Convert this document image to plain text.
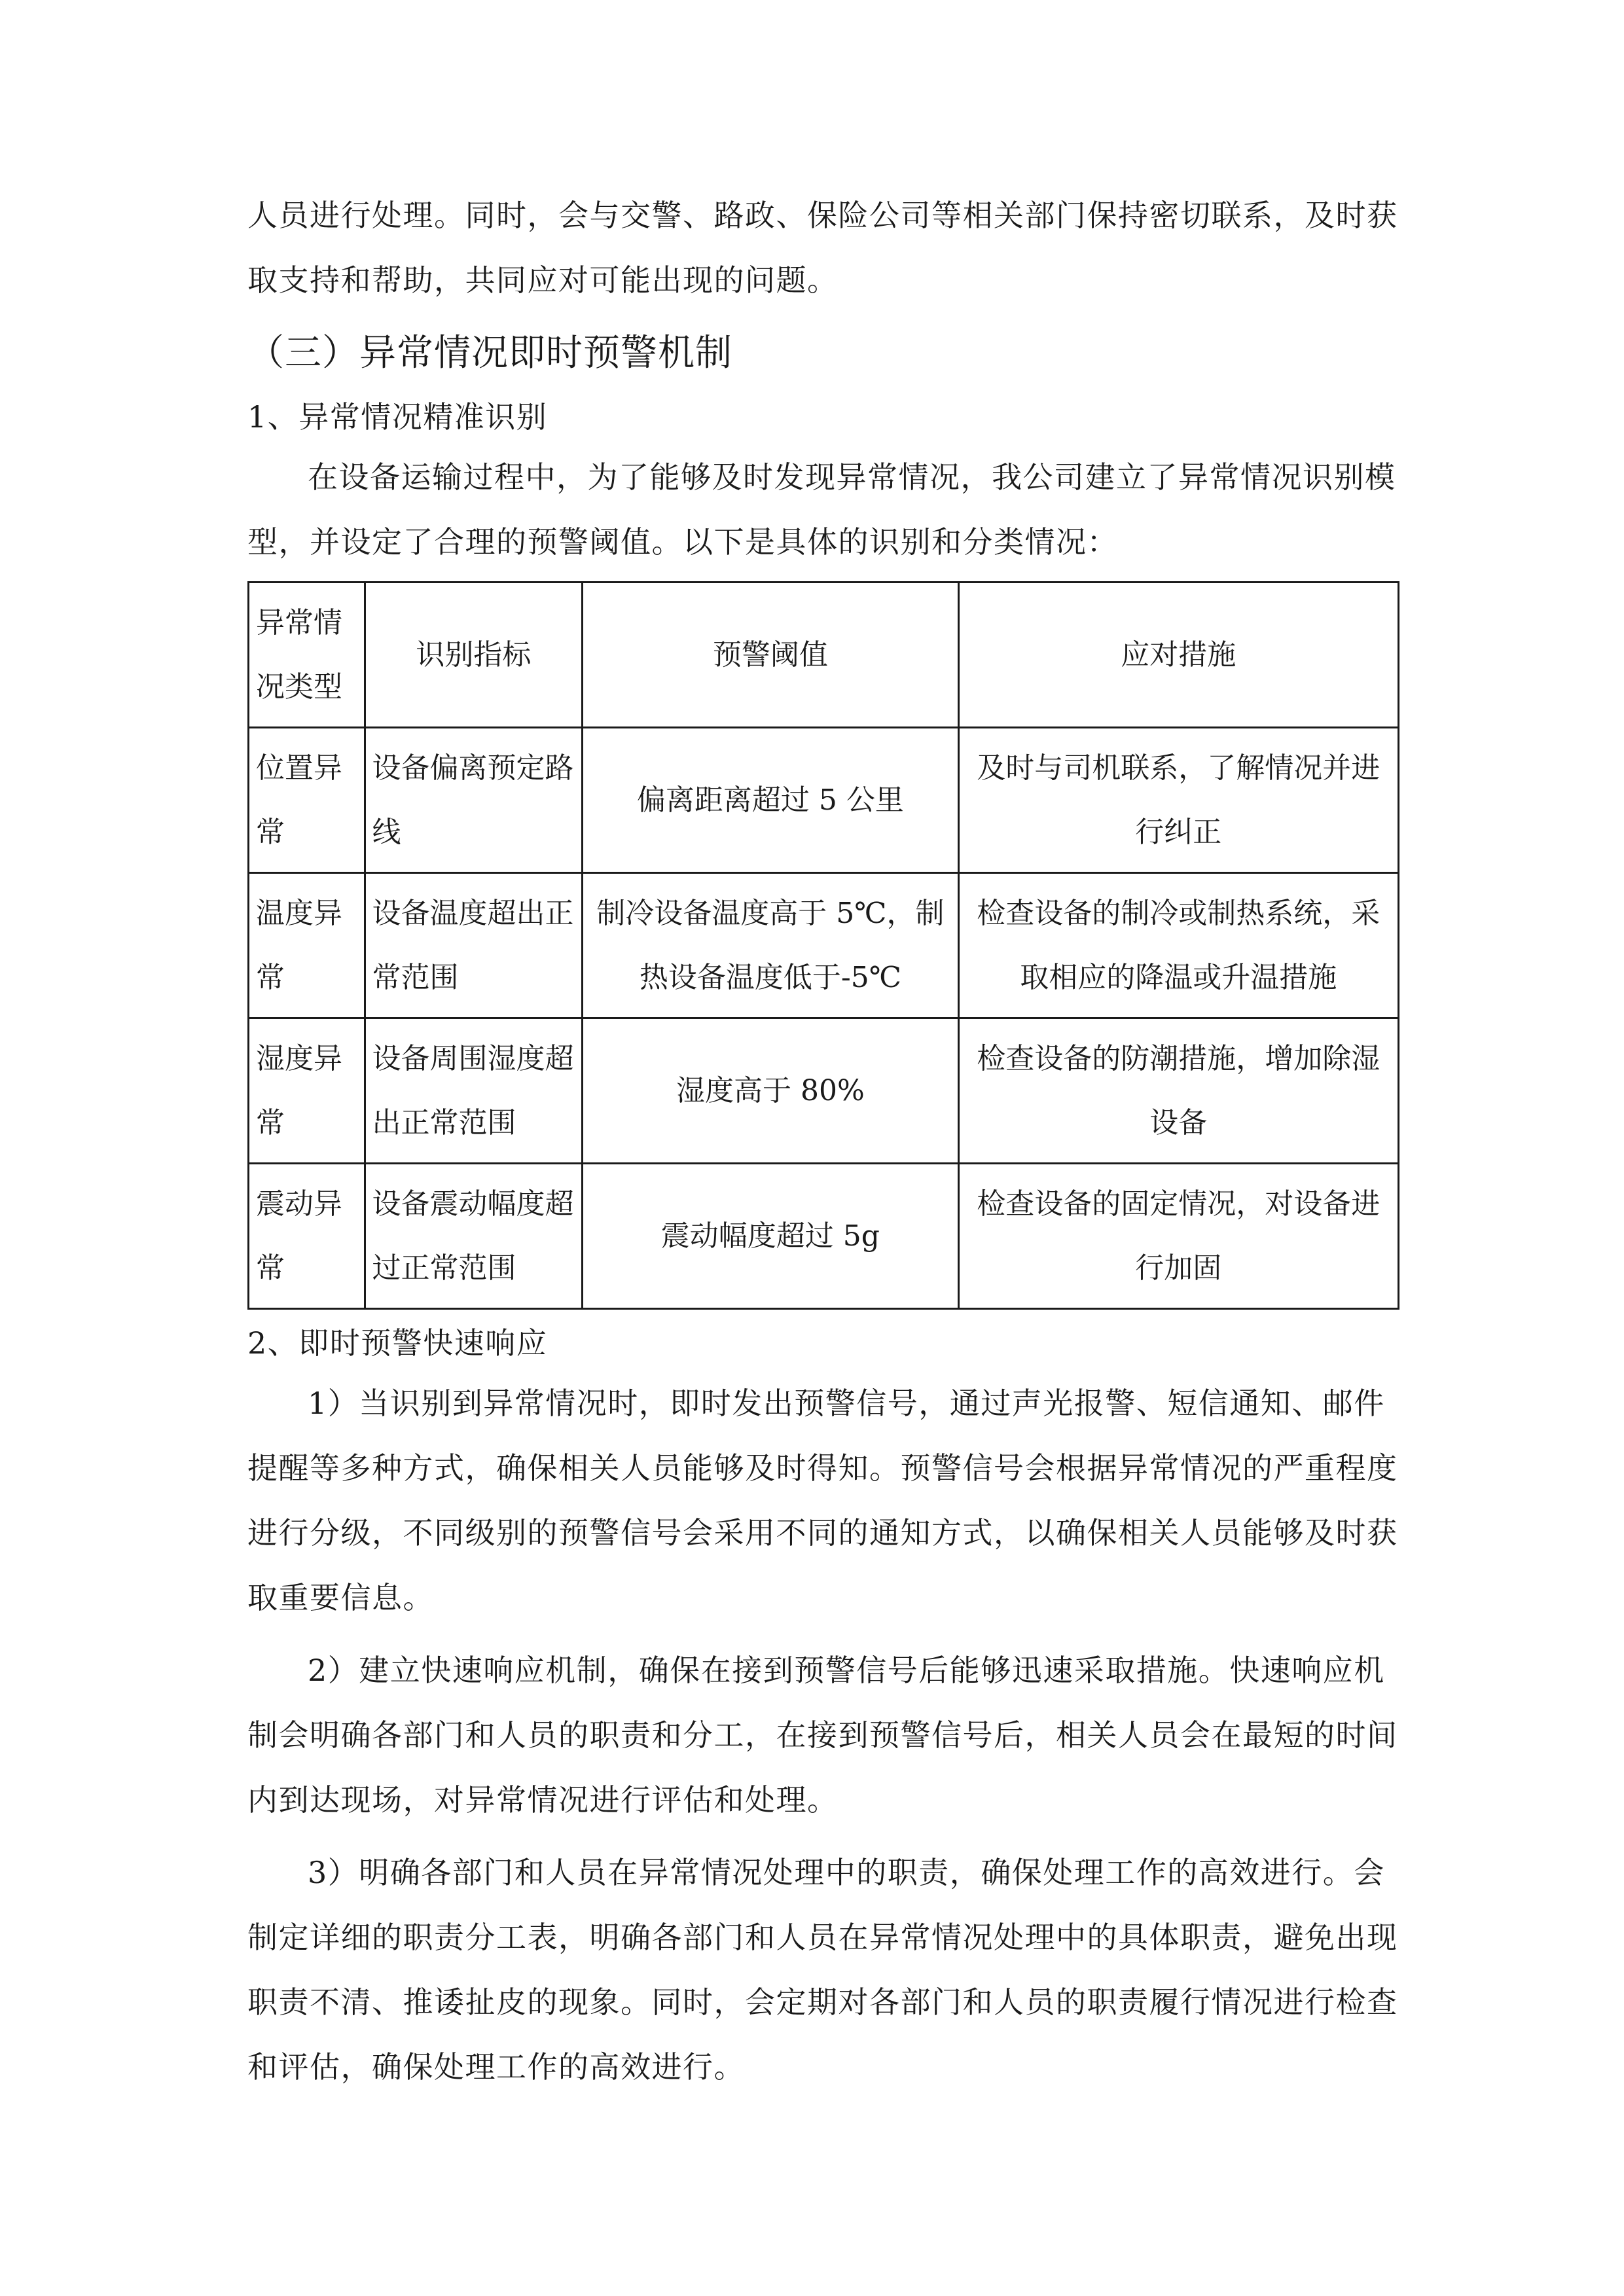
人员进行处理。同时，会与交警、路政、保险公司等相关部门保持密切联系，及时获取支持和帮助，共同应对可能出现的问题。

（三）异常情况即时预警机制

1、异常情况精准识别

在设备运输过程中，为了能够及时发现异常情况，我公司建立了异常情况识别模型，并设定了合理的预警阈值。以下是具体的识别和分类情况：

异常情况类型	识别指标	预警阈值	应对措施
位置异常	设备偏离预定路线	偏离距离超过 5 公里	及时与司机联系，了解情况并进行纠正
温度异常	设备温度超出正常范围	制冷设备温度高于 5℃，制热设备温度低于-5℃	检查设备的制冷或制热系统，采取相应的降温或升温措施
湿度异常	设备周围湿度超出正常范围	湿度高于 80%	检查设备的防潮措施，增加除湿设备
震动异常	设备震动幅度超过正常范围	震动幅度超过 5g	检查设备的固定情况，对设备进行加固

2、即时预警快速响应

1）当识别到异常情况时，即时发出预警信号，通过声光报警、短信通知、邮件提醒等多种方式，确保相关人员能够及时得知。预警信号会根据异常情况的严重程度进行分级，不同级别的预警信号会采用不同的通知方式，以确保相关人员能够及时获取重要信息。

2）建立快速响应机制，确保在接到预警信号后能够迅速采取措施。快速响应机制会明确各部门和人员的职责和分工，在接到预警信号后，相关人员会在最短的时间内到达现场，对异常情况进行评估和处理。

3）明确各部门和人员在异常情况处理中的职责，确保处理工作的高效进行。会制定详细的职责分工表，明确各部门和人员在异常情况处理中的具体职责，避免出现职责不清、推诿扯皮的现象。同时，会定期对各部门和人员的职责履行情况进行检查和评估，确保处理工作的高效进行。
